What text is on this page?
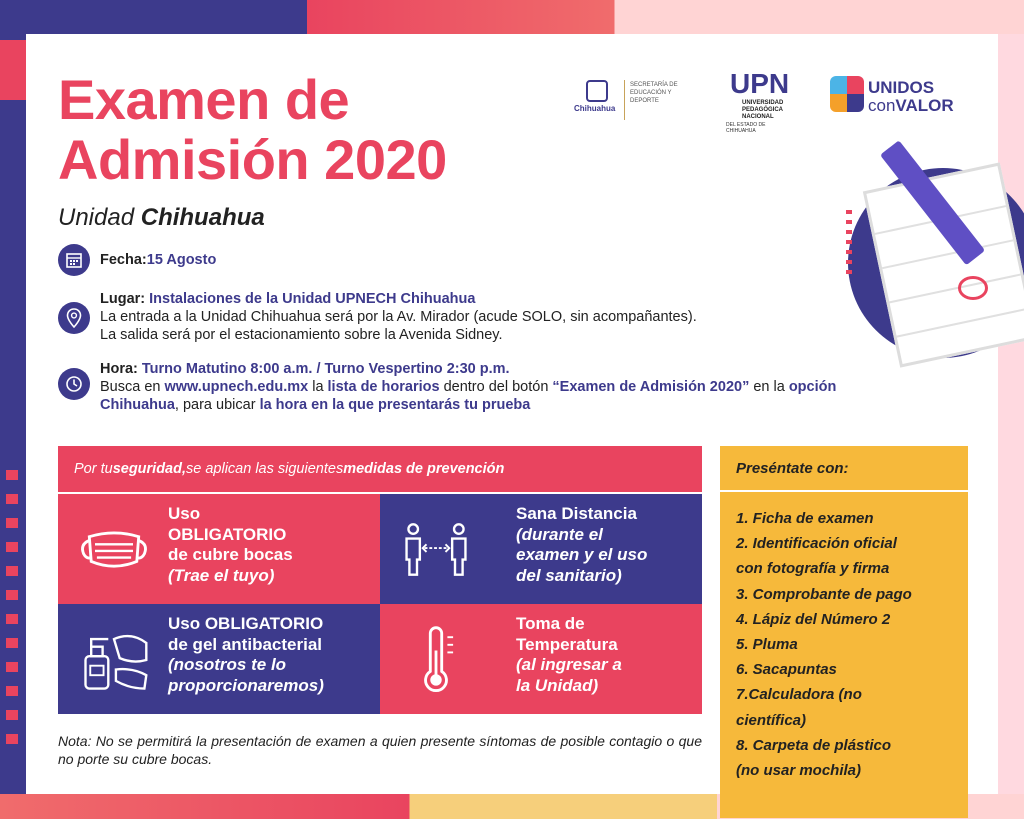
Examen de
Admisión 2020
Unidad Chihuahua
Chihuahua
SECRETARÍA DE EDUCACIÓN Y DEPORTE
UPN
UNIVERSIDAD PEDAGÓGICA NACIONAL
DEL ESTADO DE CHIHUAHUA
UNIDOS
conVALOR
Fecha:15 Agosto
Lugar: Instalaciones de la Unidad UPNECH Chihuahua
La entrada a la Unidad Chihuahua será por la Av. Mirador (acude SOLO, sin acompañantes).
La salida será por el estacionamiento sobre la Avenida Sidney.
Hora: Turno Matutino 8:00 a.m. / Turno Vespertino 2:30 p.m.
Busca en www.upnech.edu.mx la lista de horarios dentro del botón “Examen de Admisión 2020” en la opción Chihuahua, para ubicar la hora en la que presentarás tu prueba
Por tu seguridad, se aplican las siguientes medidas de prevención
Uso
OBLIGATORIO
de cubre bocas
(Trae el tuyo)
Sana Distancia
(durante el
examen y el uso
del sanitario)
Uso OBLIGATORIO
de gel antibacterial
(nosotros te lo
proporcionaremos)
Toma de
Temperatura
(al ingresar a
la Unidad)
Nota: No se permitirá la presentación de examen a quien presente síntomas de posible contagio o que no porte su cubre bocas.
Preséntate con:
1. Ficha de examen
2. Identificación oficial
con fotografía y firma
3. Comprobante de pago
4. Lápiz del Número 2
5. Pluma
6. Sacapuntas
7.Calculadora (no
científica)
8. Carpeta de plástico
(no usar mochila)
